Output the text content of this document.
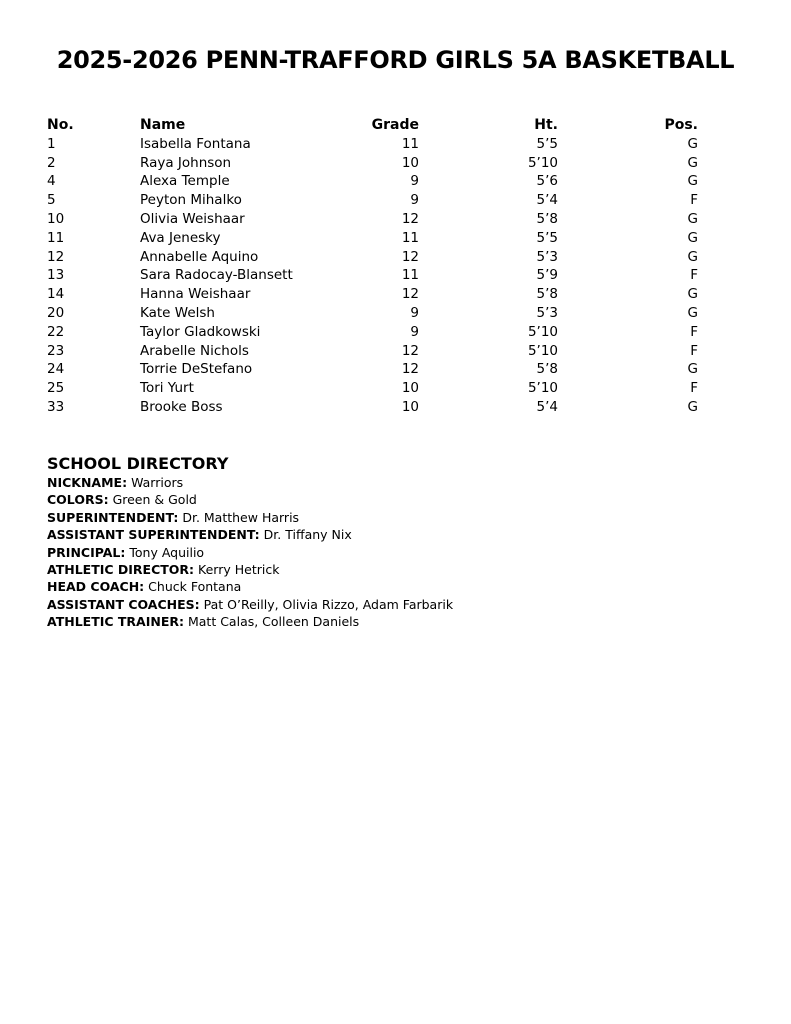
2025-2026 PENN-TRAFFORD GIRLS 5A BASKETBALL
No.	Name	Grade	Ht.	Pos.
1	Isabella Fontana	11	5’5	G
2	Raya Johnson	10	5’10	G
4	Alexa Temple	9	5’6	G
5	Peyton Mihalko	9	5’4	F
10	Olivia Weishaar	12	5’8	G
11	Ava Jenesky	11	5’5	G
12	Annabelle Aquino	12	5’3	G
13	Sara Radocay-Blansett	11	5’9	F
14	Hanna Weishaar	12	5’8	G
20	Kate Welsh	9	5’3	G
22	Taylor Gladkowski	9	5’10	F
23	Arabelle Nichols	12	5’10	F
24	Torrie DeStefano	12	5’8	G
25	Tori Yurt	10	5’10	F
33	Brooke Boss	10	5’4	G
SCHOOL DIRECTORY
NICKNAME: Warriors
COLORS: Green & Gold
SUPERINTENDENT: Dr. Matthew Harris
ASSISTANT SUPERINTENDENT: Dr. Tiffany Nix
PRINCIPAL: Tony Aquilio
ATHLETIC DIRECTOR: Kerry Hetrick
HEAD COACH: Chuck Fontana
ASSISTANT COACHES: Pat O’Reilly, Olivia Rizzo, Adam Farbarik
ATHLETIC TRAINER: Matt Calas, Colleen Daniels
